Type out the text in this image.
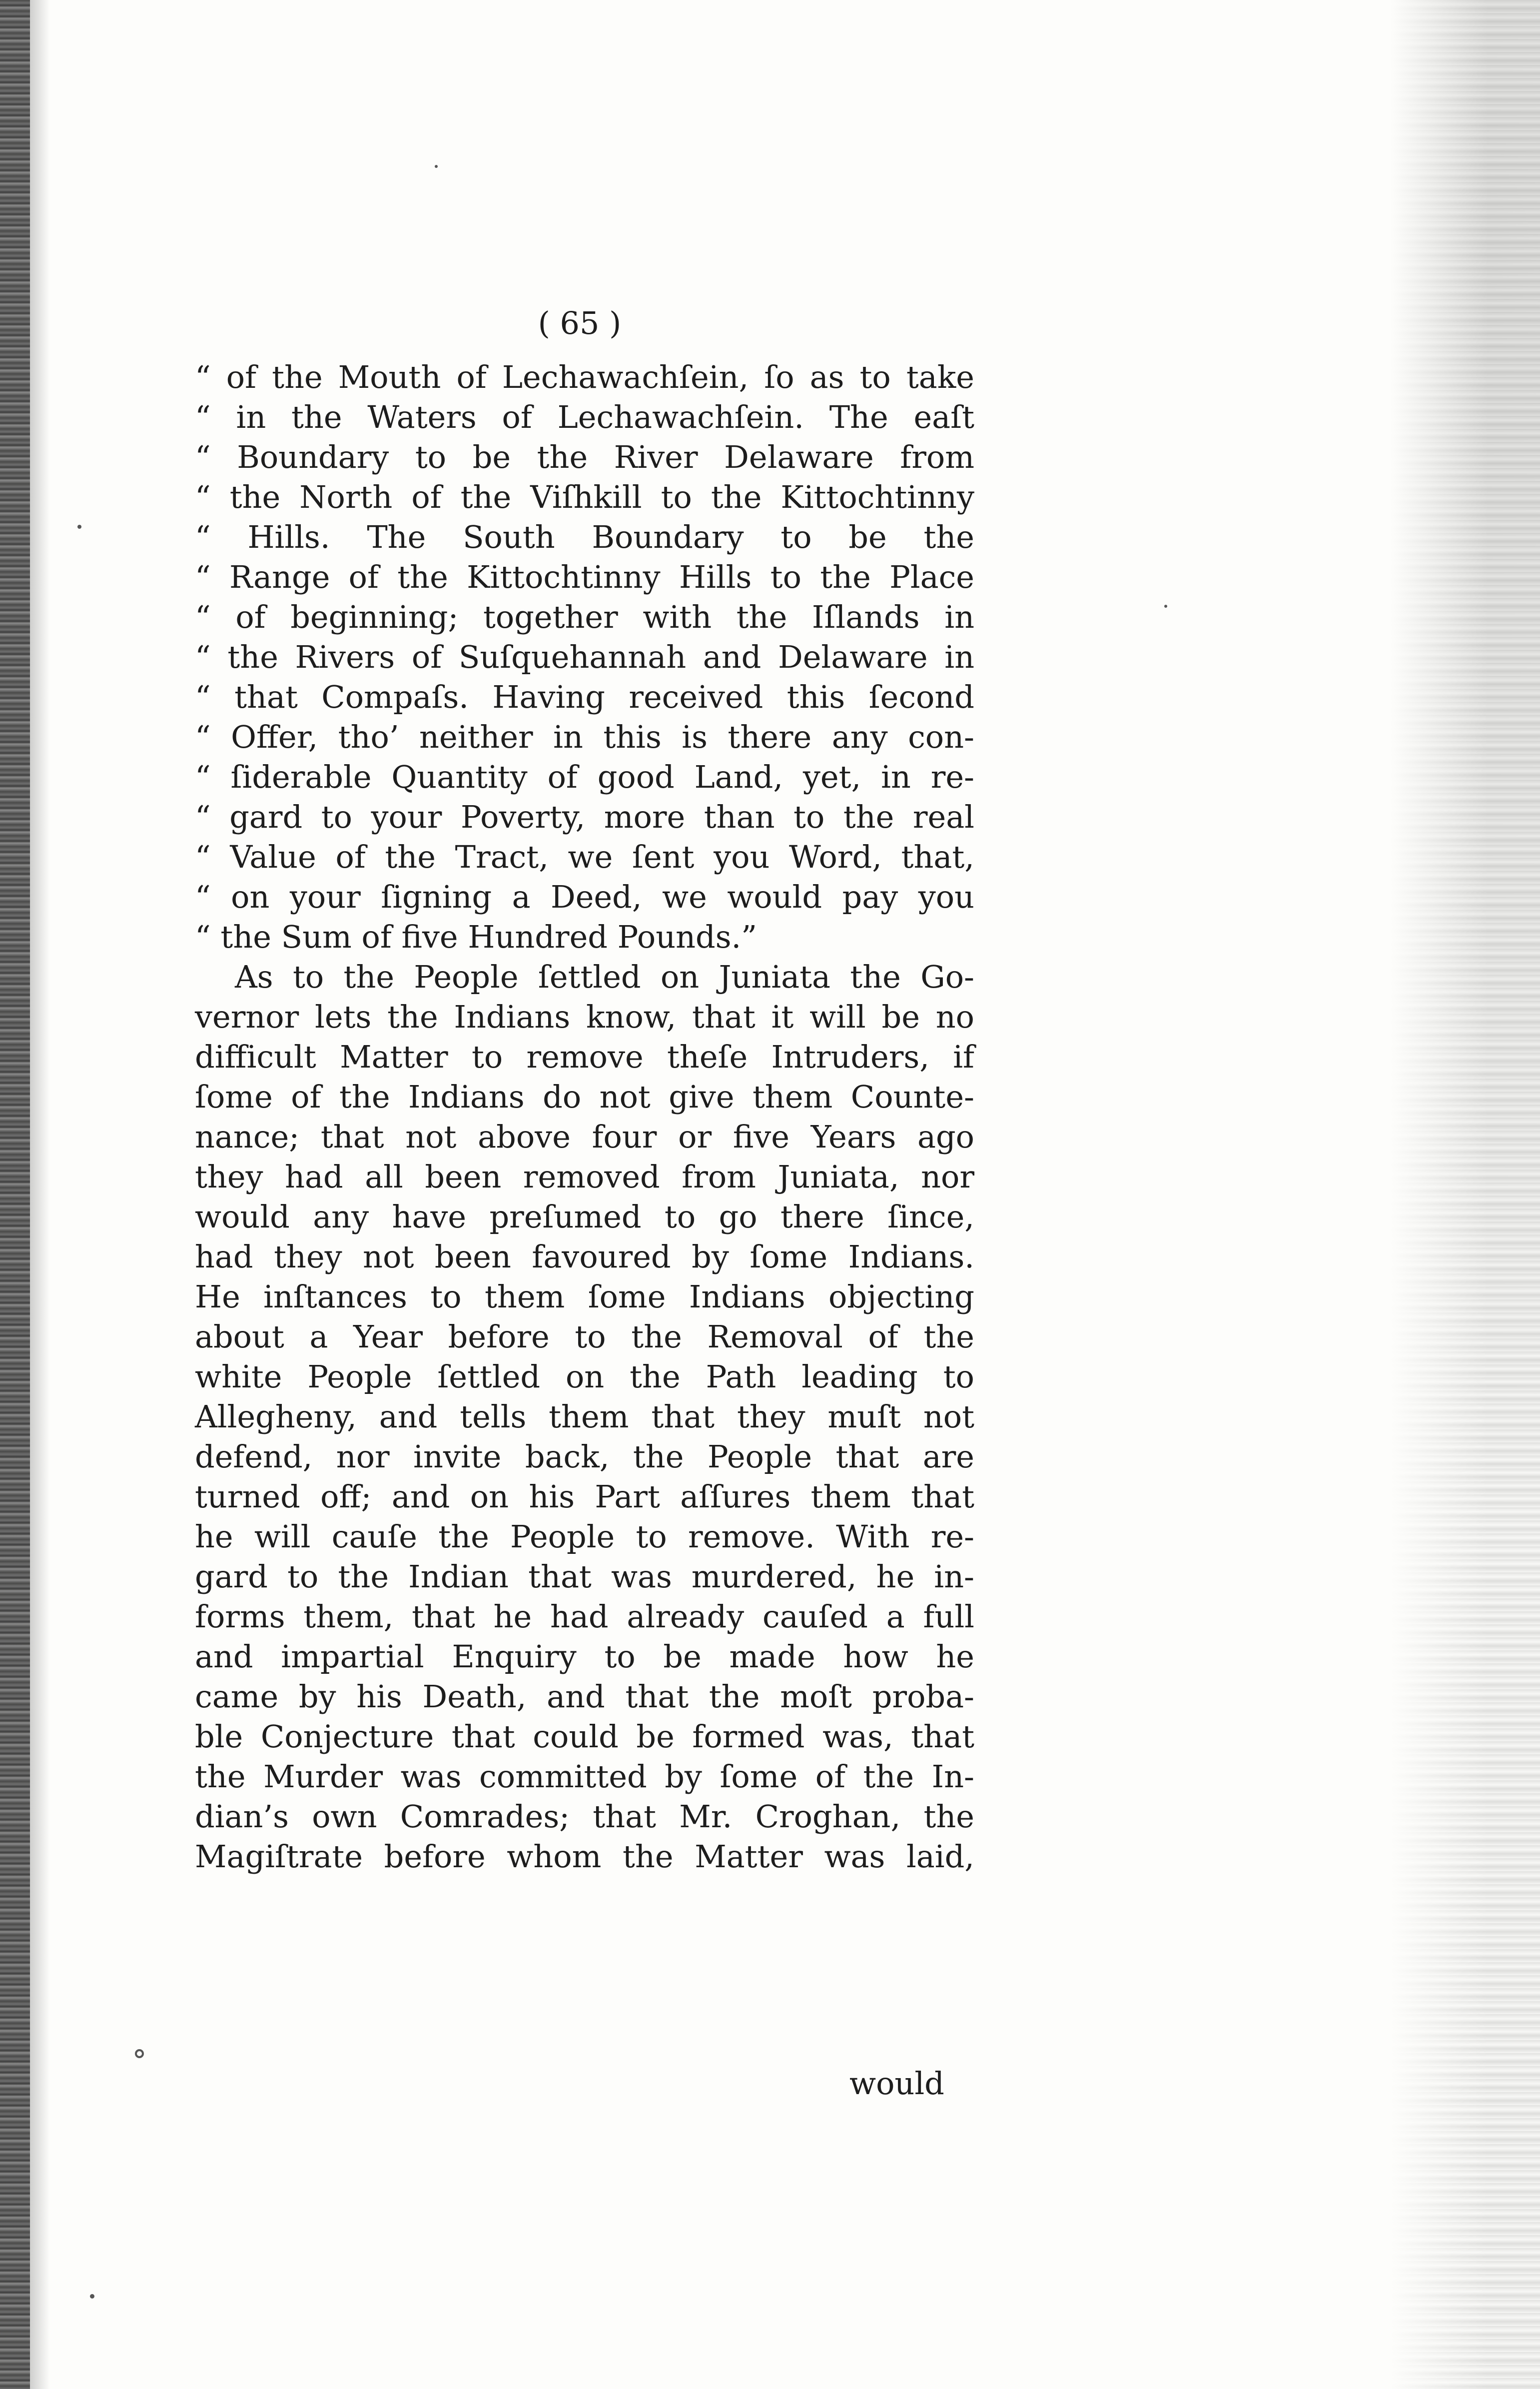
( 65 )
“ of the Mouth of Lechawachſein, ſo as to take
“ in the Waters of Lechawachſein. The eaſt
“ Boundary to be the River Delaware from
“ the North of the Viſhkill to the Kittochtinny
“ Hills. The South Boundary to be the
“ Range of the Kittochtinny Hills to the Place
“ of beginning; together with the Iſlands in
“ the Rivers of Suſquehannah and Delaware in
“ that Compaſs. Having received this ſecond
“ Offer, tho’ neither in this is there any con-
“ ſiderable Quantity of good Land, yet, in re-
“ gard to your Poverty, more than to the real
“ Value of the Tract, we ſent you Word, that,
“ on your ſigning a Deed, we would pay you
“ the Sum of five Hundred Pounds.”
As to the People ſettled on Juniata the Go-
vernor lets the Indians know, that it will be no
difficult Matter to remove theſe Intruders, if
ſome of the Indians do not give them Counte-
nance; that not above four or five Years ago
they had all been removed from Juniata, nor
would any have preſumed to go there ſince,
had they not been favoured by ſome Indians.
He inſtances to them ſome Indians objecting
about a Year before to the Removal of the
white People ſettled on the Path leading to
Allegheny, and tells them that they muſt not
defend, nor invite back, the People that are
turned off; and on his Part aſſures them that
he will cauſe the People to remove. With re-
gard to the Indian that was murdered, he in-
forms them, that he had already cauſed a full
and impartial Enquiry to be made how he
came by his Death, and that the moſt proba-
ble Conjecture that could be formed was, that
the Murder was committed by ſome of the In-
dian’s own Comrades; that Mr. Croghan, the
Magiſtrate before whom the Matter was laid,
would
